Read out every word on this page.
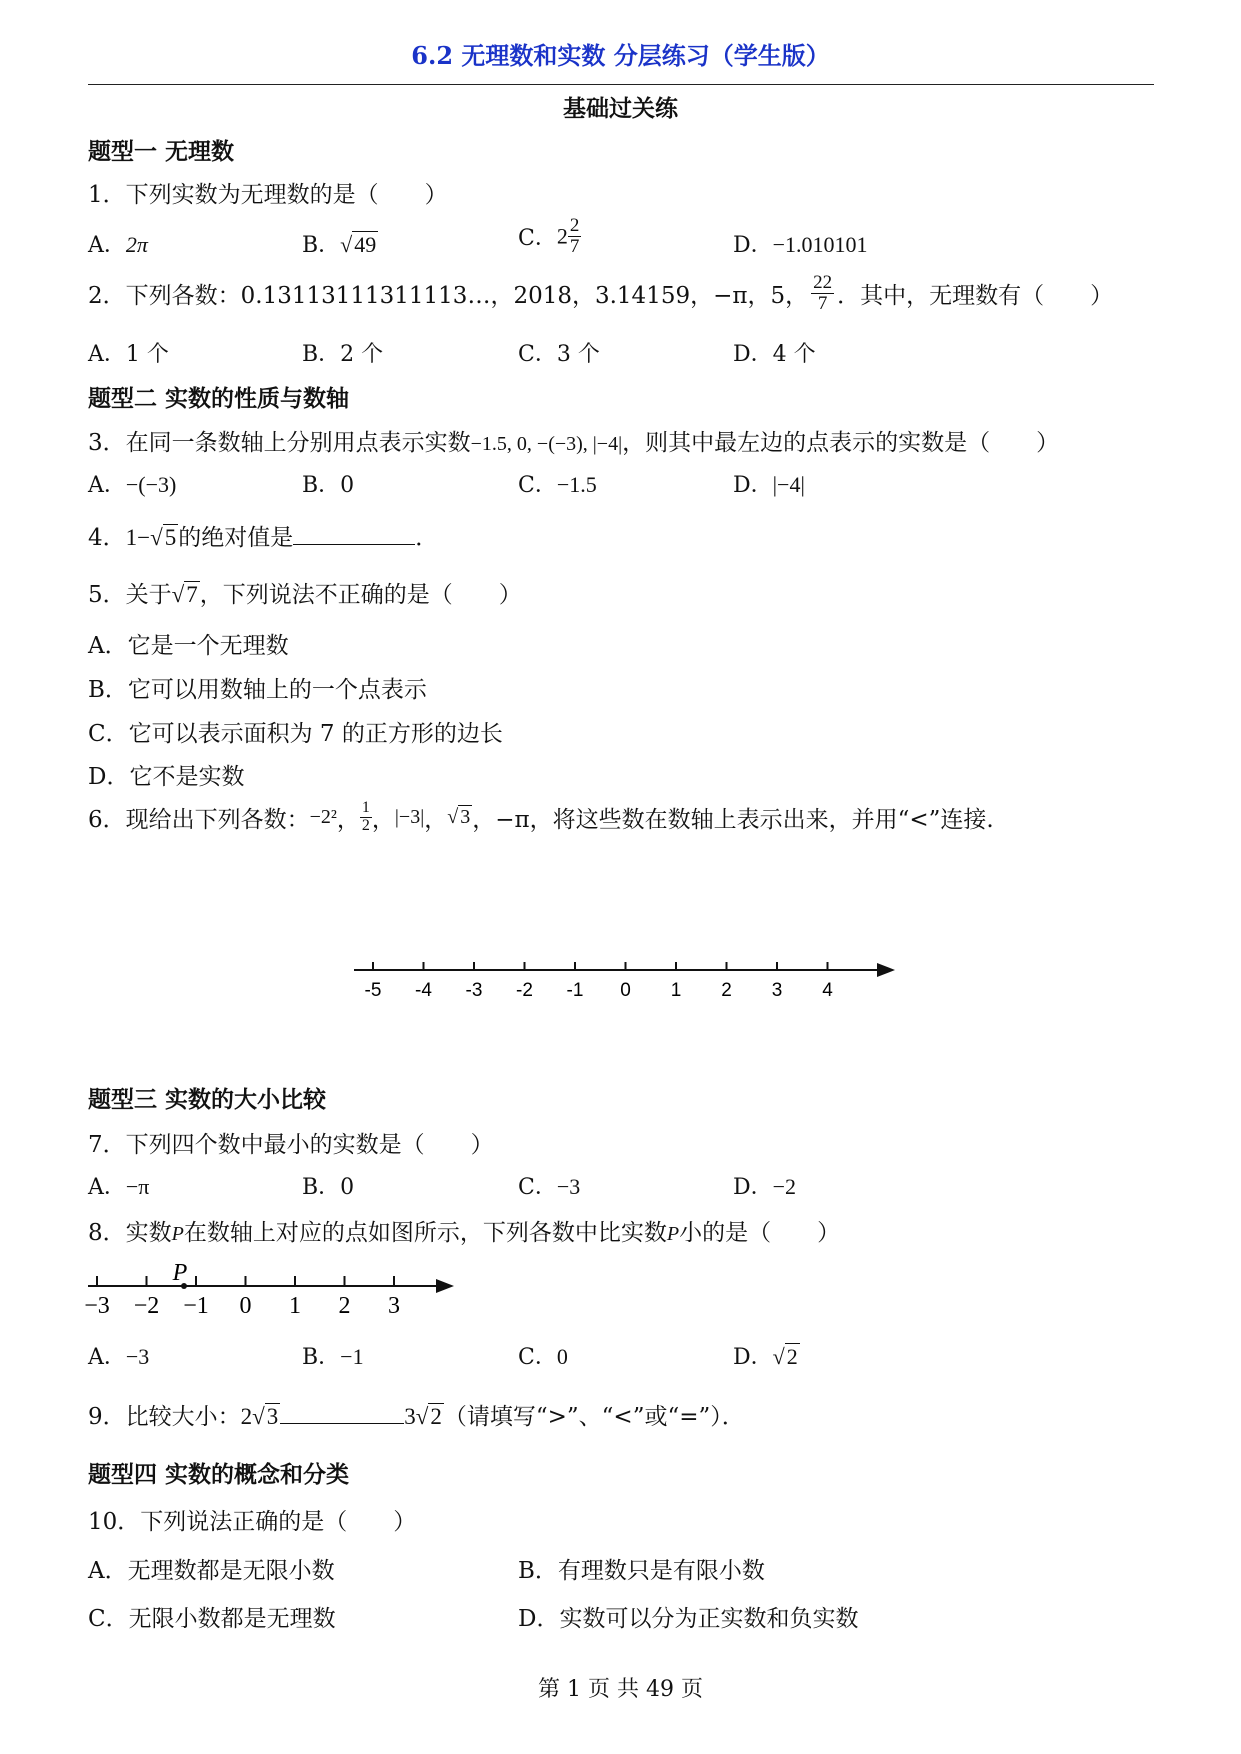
6.2 无理数和实数 分层练习（学生版）
基础过关练
题型一 无理数
1．下列实数为无理数的是（　　）
A．2π	B．√49	C．$2 \frac{2}{7}$	D．−1.010101
2．下列各数：0.13113111311113…，2018，3.14159，−π，5， $\frac{22}{7}$ ．其中，无理数有（　　）
A．1 个	B．2 个	C．3 个	D．4 个
题型二 实数的性质与数轴
3．在同一条数轴上分别用点表示实数−1.5, 0, −(−3), |−4|，则其中最左边的点表示的实数是（　　）
A．−(−3)	B．0	C．−1.5	D．|−4|
4．1−√5的绝对值是	．
5．关于√7，下列说法不正确的是（　　）
A．它是一个无理数
B．它可以用数轴上的一个点表示
C．它可以表示面积为 7 的正方形的边长
D．它不是实数
6．现给出下列各数：−2²， $\frac{1}{2}$ ，|−3|，√ 3，−π，将这些数在数轴上表示出来，并用“<”连接.
-5 -4 -3 -2 -1 0 1 2 3 4
题型三 实数的大小比较
7．下列四个数中最小的实数是（　　）
A．−π	B．0	C．−3	D．−2
8．实数P在数轴上对应的点如图所示，下列各数中比实数P小的是（　　）
−3 −2 −1 0 1 2 3
P
A．−3	B．−1	C．0	D．√2
9．比较大小：2√3	3√2（请填写“>”、“<”或“=”）．
题型四 实数的概念和分类
10．下列说法正确的是（　　）
A．无理数都是无限小数	B．有理数只是有限小数
C．无限小数都是无理数	D．实数可以分为正实数和负实数
第 1 页 共 49 页
